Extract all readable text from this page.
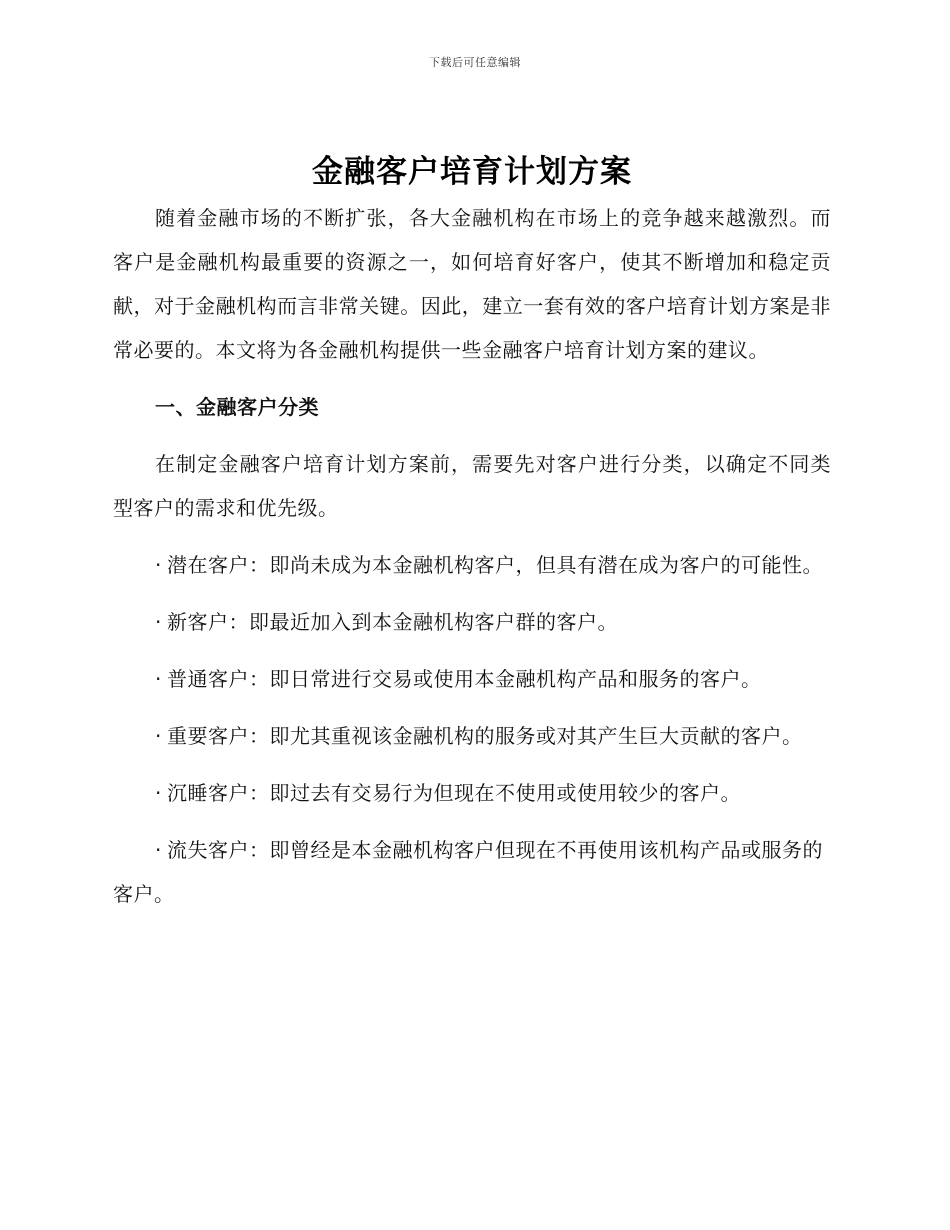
下载后可任意编辑
金融客户培育计划方案

随着金融市场的不断扩张，各大金融机构在市场上的竞争越来越激烈。而客户是金融机构最重要的资源之一，如何培育好客户，使其不断增加和稳定贡献，对于金融机构而言非常关键。因此，建立一套有效的客户培育计划方案是非常必要的。本文将为各金融机构提供一些金融客户培育计划方案的建议。

一、金融客户分类

在制定金融客户培育计划方案前，需要先对客户进行分类，以确定不同类型客户的需求和优先级。

· 潜在客户：即尚未成为本金融机构客户，但具有潜在成为客户的可能性。
· 新客户：即最近加入到本金融机构客户群的客户。
· 普通客户：即日常进行交易或使用本金融机构产品和服务的客户。
· 重要客户：即尤其重视该金融机构的服务或对其产生巨大贡献的客户。
· 沉睡客户：即过去有交易行为但现在不使用或使用较少的客户。
· 流失客户：即曾经是本金融机构客户但现在不再使用该机构产品或服务的客户。
